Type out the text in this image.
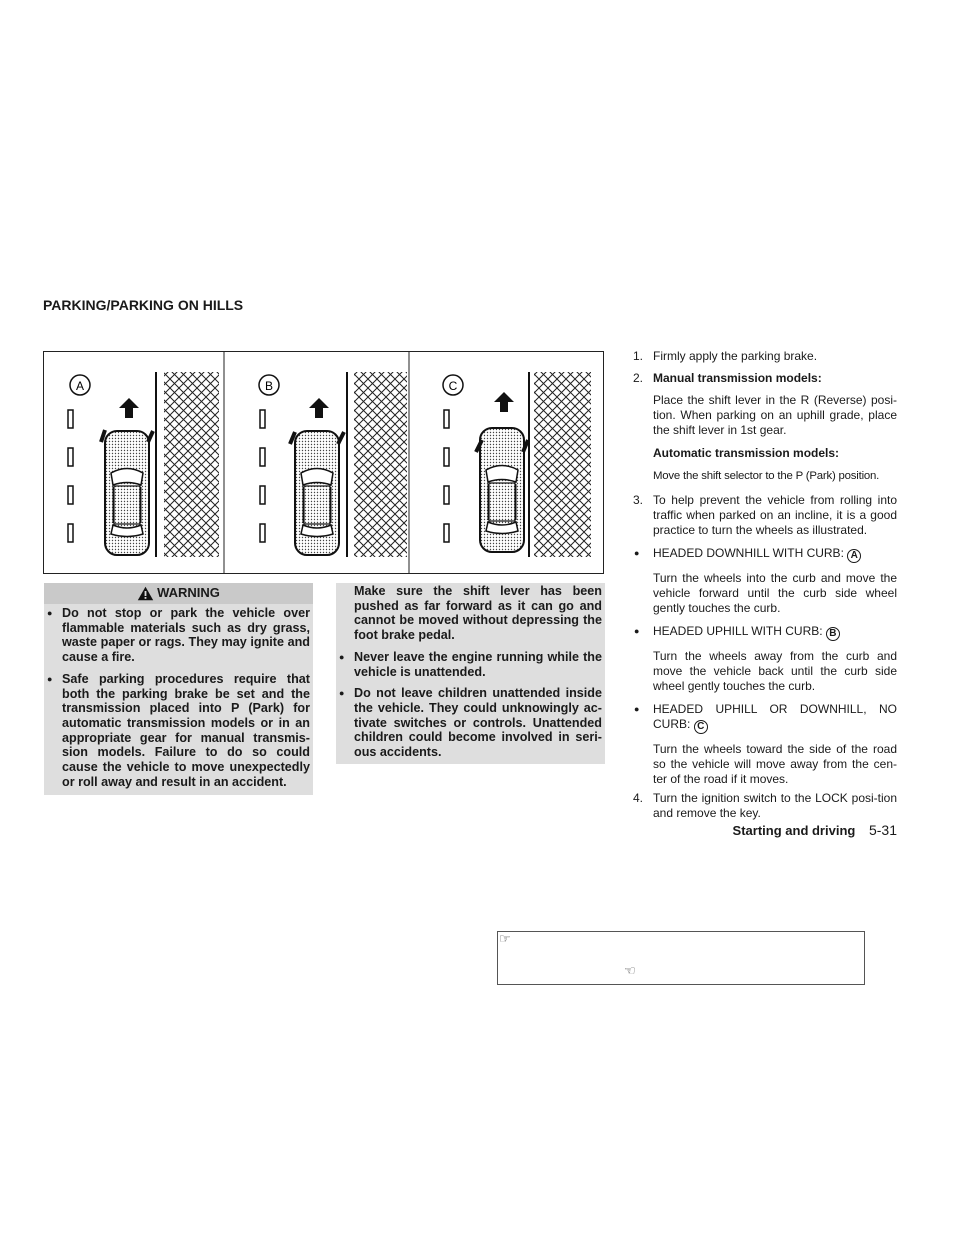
PARKING/PARKING ON HILLS
A	B	C
WARNING
● Do not stop or park the vehicle over flammable materials such as dry grass, waste paper or rags. They may ignite and cause a fire.
● Safe parking procedures require that both the parking brake be set and the transmission placed into P (Park) for automatic transmission models or in an appropriate gear for manual transmis-sion models. Failure to do so could cause the vehicle to move unexpectedly or roll away and result in an accident.
Make sure the shift lever has been pushed as far forward as it can go and cannot be moved without depressing the foot brake pedal.
● Never leave the engine running while the vehicle is unattended.
● Do not leave children unattended inside the vehicle. They could unknowingly ac-tivate switches or controls. Unattended children could become involved in seri-ous accidents.
1. Firmly apply the parking brake.
2. Manual transmission models:
Place the shift lever in the R (Reverse) posi-tion. When parking on an uphill grade, place the shift lever in 1st gear.
Automatic transmission models:
Move the shift selector to the P (Park) position.
3. To help prevent the vehicle from rolling into traffic when parked on an incline, it is a good practice to turn the wheels as illustrated.
● HEADED DOWNHILL WITH CURB: A
Turn the wheels into the curb and move the vehicle forward until the curb side wheel gently touches the curb.
● HEADED UPHILL WITH CURB: B
Turn the wheels away from the curb and move the vehicle back until the curb side wheel gently touches the curb.
● HEADED UPHILL OR DOWNHILL, NO CURB: C
Turn the wheels toward the side of the road so the vehicle will move away from the cen-ter of the road if it moves.
4. Turn the ignition switch to the LOCK posi-tion and remove the key.
Starting and driving 5-31
☞
☜
